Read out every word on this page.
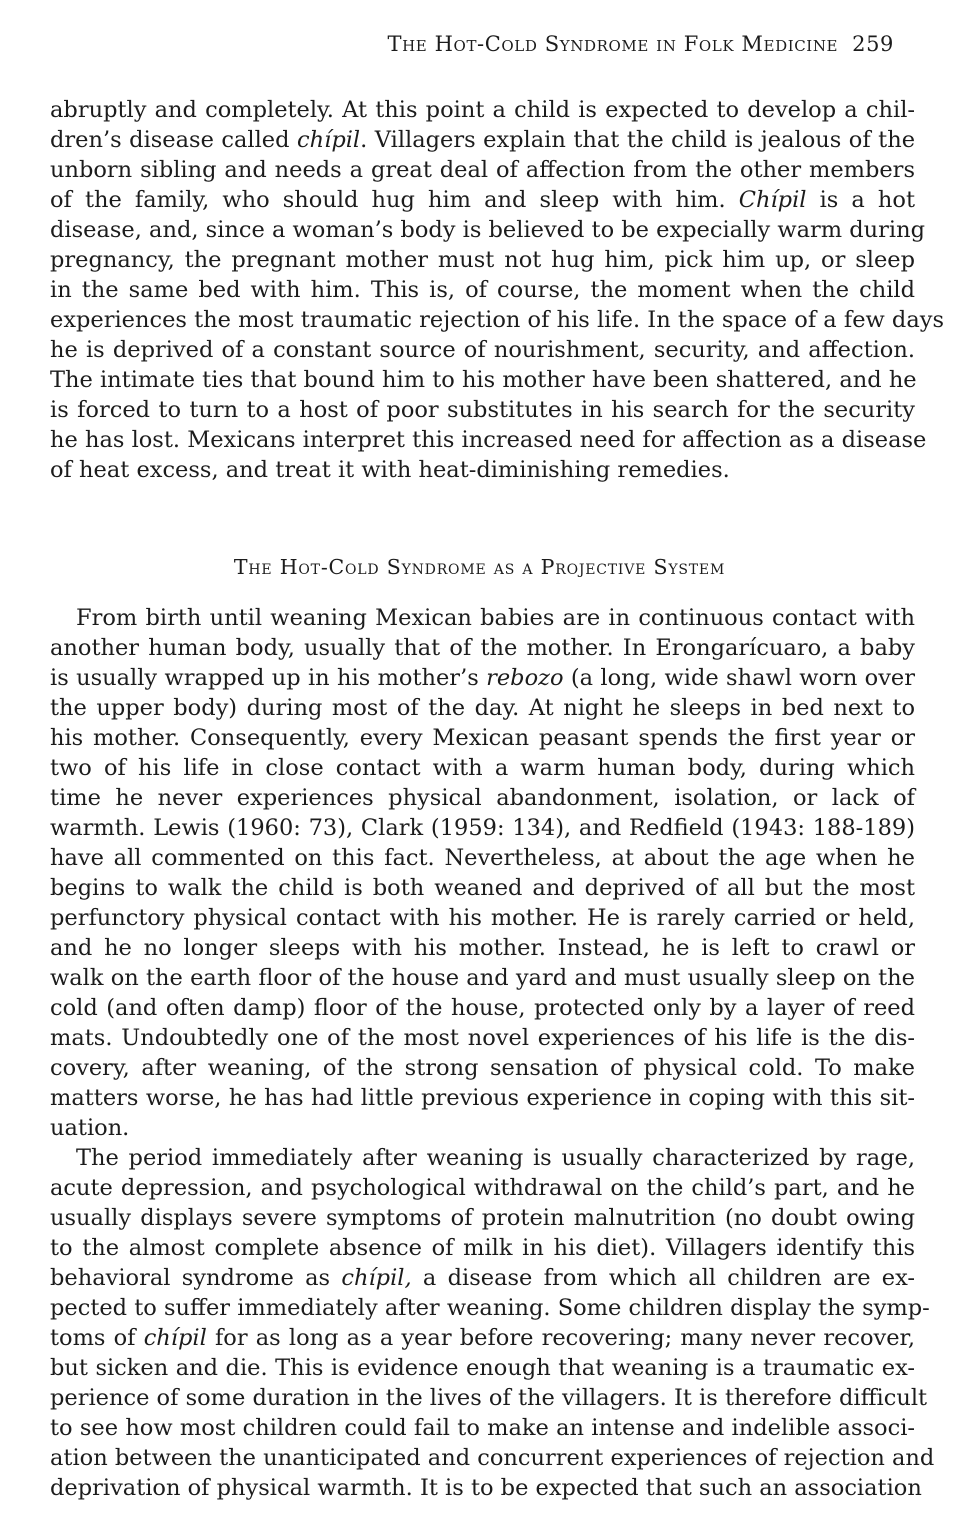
The Hot-Cold Syndrome in Folk Medicine 259
abruptly and completely. At this point a child is expected to develop a chil-
dren’s disease called chípil. Villagers explain that the child is jealous of the
unborn sibling and needs a great deal of affection from the other members
of the family, who should hug him and sleep with him. Chípil is a hot
disease, and, since a woman’s body is believed to be expecially warm during
pregnancy, the pregnant mother must not hug him, pick him up, or sleep
in the same bed with him. This is, of course, the moment when the child
experiences the most traumatic rejection of his life. In the space of a few days
he is deprived of a constant source of nourishment, security, and affection.
The intimate ties that bound him to his mother have been shattered, and he
is forced to turn to a host of poor substitutes in his search for the security
he has lost. Mexicans interpret this increased need for affection as a disease
of heat excess, and treat it with heat-diminishing remedies.
The Hot-Cold Syndrome as a Projective System
From birth until weaning Mexican babies are in continuous contact with
another human body, usually that of the mother. In Erongarícuaro, a baby
is usually wrapped up in his mother’s rebozo (a long, wide shawl worn over
the upper body) during most of the day. At night he sleeps in bed next to
his mother. Consequently, every Mexican peasant spends the first year or
two of his life in close contact with a warm human body, during which
time he never experiences physical abandonment, isolation, or lack of
warmth. Lewis (1960: 73), Clark (1959: 134), and Redfield (1943: 188-189)
have all commented on this fact. Nevertheless, at about the age when he
begins to walk the child is both weaned and deprived of all but the most
perfunctory physical contact with his mother. He is rarely carried or held,
and he no longer sleeps with his mother. Instead, he is left to crawl or
walk on the earth floor of the house and yard and must usually sleep on the
cold (and often damp) floor of the house, protected only by a layer of reed
mats. Undoubtedly one of the most novel experiences of his life is the dis-
covery, after weaning, of the strong sensation of physical cold. To make
matters worse, he has had little previous experience in coping with this sit-
uation.
The period immediately after weaning is usually characterized by rage,
acute depression, and psychological withdrawal on the child’s part, and he
usually displays severe symptoms of protein malnutrition (no doubt owing
to the almost complete absence of milk in his diet). Villagers identify this
behavioral syndrome as chípil, a disease from which all children are ex-
pected to suffer immediately after weaning. Some children display the symp-
toms of chípil for as long as a year before recovering; many never recover,
but sicken and die. This is evidence enough that weaning is a traumatic ex-
perience of some duration in the lives of the villagers. It is therefore difficult
to see how most children could fail to make an intense and indelible associ-
ation between the unanticipated and concurrent experiences of rejection and
deprivation of physical warmth. It is to be expected that such an association
